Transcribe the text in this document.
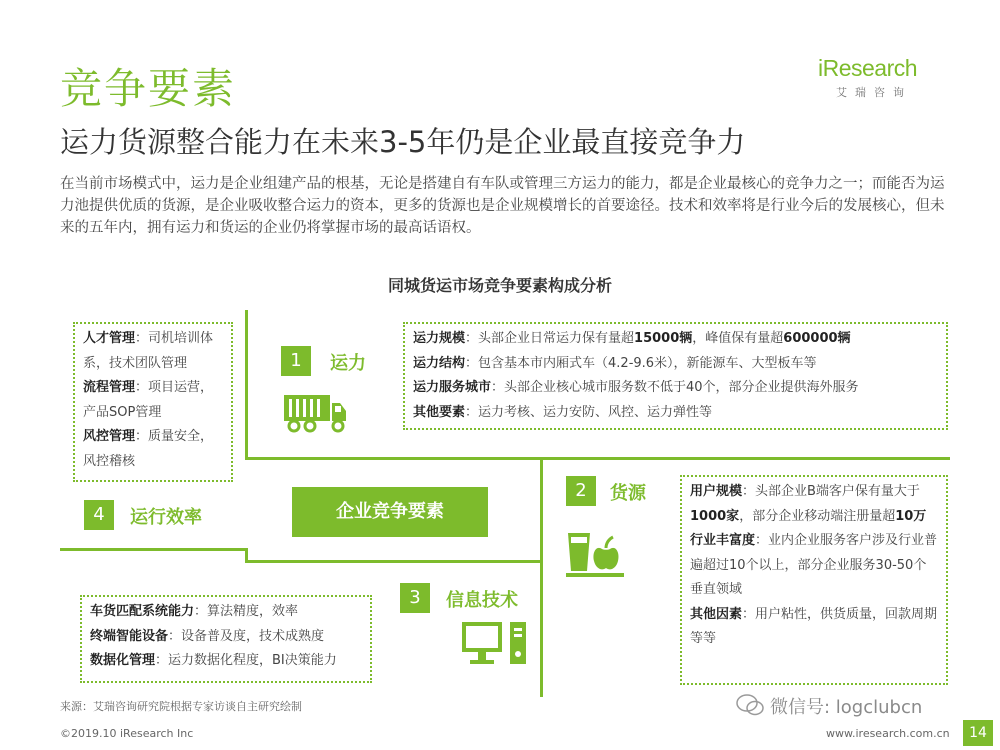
竞争要素
运力货源整合能力在未来3-5年仍是企业最直接竞争力
在当前市场模式中，运力是企业组建产品的根基，无论是搭建自有车队或管理三方运力的能力，都是企业最核心的竞争力之一；而能否为运力池提供优质的货源，是企业吸收整合运力的资本，更多的货源也是企业规模增长的首要途径。技术和效率将是行业今后的发展核心，但未来的五年内，拥有运力和货运的企业仍将掌握市场的最高话语权。
iResearch
艾瑞咨询
同城货运市场竞争要素构成分析
企业竞争要素
1	运力
运力规模：头部企业日常运力保有量超15000辆，峰值保有量超600000辆
运力结构：包含基本市内厢式车（4.2-9.6米），新能源车、大型板车等
运力服务城市：头部企业核心城市服务数不低于40个，部分企业提供海外服务
其他要素：运力考核、运力安防、风控、运力弹性等
2	货源	用户规模：头部企业B端客户保有量大于1000家，部分企业移动端注册量超10万
行业丰富度：业内企业服务客户涉及行业普遍超过10个以上，部分企业服务30-50个垂直领域
其他因素：用户粘性，供货质量，回款周期等等
3	信息技术
车货匹配系统能力：算法精度，效率
终端智能设备：设备普及度，技术成熟度
数据化管理：运力数据化程度，BI决策能力
4	运行效率
人才管理：司机培训体系，技术团队管理
流程管理：项目运营，产品SOP管理
风控管理：质量安全，风控稽核
来源：艾瑞咨询研究院根据专家访谈自主研究绘制
©2019.10 iResearch Inc	www.iresearch.com.cn	14
微信号: logclubcn
